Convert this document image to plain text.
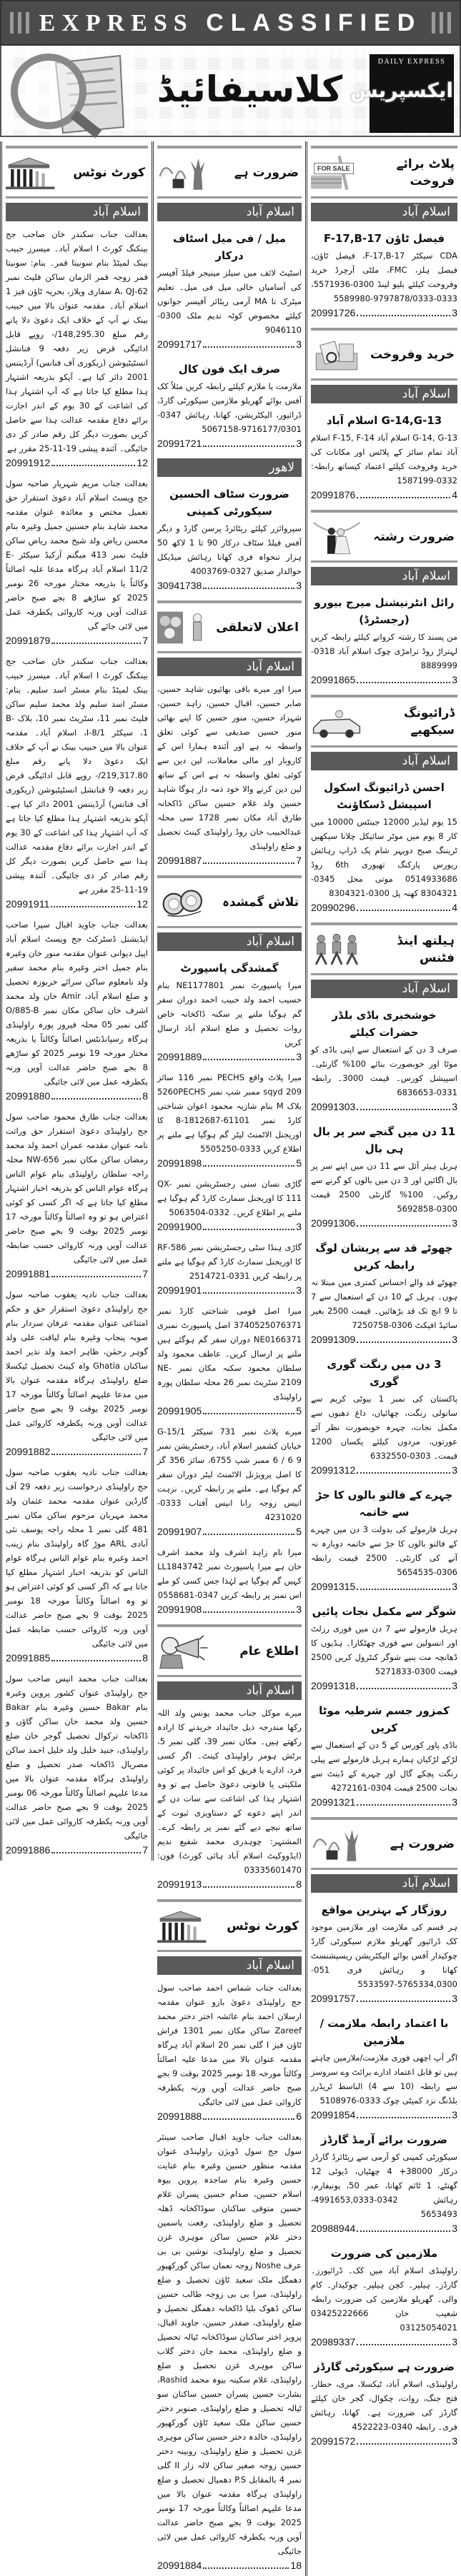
EXPRESS CLASSIFIED
کلاسیفائیڈ
DAILY EXPRESS
ایکسپریس
پلاٹ برائے فروخت
FOR SALE
اسلام آباد
فیصل ٹاؤن F-17,B-17
CDA سیکٹر F-17,B-17، فیصل ٹاؤن، فیصل ہلز، FMC، ملٹی آرچرڈ خرید وفروخت کیلئے بلیو لینڈ 0300-5571936، 0333-9797878/0333-5589980
20991726	3
خرید وفروخت
اسلام آباد
G-14,G-13 اسلام آباد
G-14, G-13 اسلام آباد F-15, F-14 اسلام آباد تمام سائز کے پلاٹس اور مکانات کی خرید وفروخت کیلئے اعتماد کیساتھ رابطہ: 0332-1587199
20991876	4
ضرورت رشتہ
اسلام آباد
رائل انٹرنیشنل میرج بیورو (رجسٹرڈ)
من پسند کا رشتہ کروانے کیلئے رابطہ کریں لہتراڑ روڈ ترامڑی چوک اسلام آباد 0318-8889999
20991865	3
ڈرائیونگ سیکھیے
اسلام آباد
احسن ڈرائیونگ اسکول اسپیشل ڈسکاؤنٹ
15 یوم لیڈیز 12000 جینٹس 10000 میں کار 8 یوم میں موٹر سائیکل چلانا سیکھیں ٹریننگ صبح دوپہر شام پک ڈراپ رہائش ریورس پارکنگ تھیوری 6th روڈ 0514933686 موتی محل 0345-8304321 کھنہ پل 0300-8304321
20990296	4
ہیلتھ اینڈ فٹنس
اسلام آباد
خوشخبری باڈی بلڈر حضرات کیلئے
صرف 3 دن کے استعمال سے اپنی باڈی کو موٹا اور خوبصورت بنائے 100% گارنٹی۔ اسپیشل کورس۔ قیمت 3000۔ رابطہ 0331-6836653
20991303	3
11 دن میں گنجے سر پر بال ہی بال
ہربل ہیئر آئل سے 11 دن میں اپنے سر پر بال اگائیں اور 3 دن میں بالوں کو گرنے سے روکیں۔ 100% گارنٹی 2500 قیمت 0300-5692858
20991306	3
چھوٹے قد سے پریشان لوگ رابطہ کریں
چھوٹے قد والے احساس کمتری میں مبتلا نہ ہوں۔ ہربل کے 10 دن کے استعمال سے 7 تا 9 انچ تک قد بڑھائیں۔ قیمت 2500 بغیر سائیڈ افیکٹ 0306-7250758
20991309	3
3 دن میں رنگت گوری گوری
پاکستان کی نمبر 1 بیوٹی کریم سے سانولی رنگت، چھائیاں، داغ دھبوں سے مکمل نجات، چہرہ خوبصورت نظر آئے عورتوں، مردوں کیلئے یکساں 1200 قیمت۔ 0303-6332550
20991312	3
چہرے کے فالتو بالوں کا جڑ سے خاتمہ
ہربل فارمولے کی بدولت 3 دن میں چہرے کے فالتو بالوں کا جڑ سے خاتمہ دوبارہ نہ آنے کی گارنٹی۔ 2500 قیمت رابطہ 0306-5654535
20991315	3
شوگر سے مکمل نجات پائیں
ہربل فارمولے سے 7 دن میں فوری رزلٹ اور انسولین سے فوری چھٹکارا۔ ہڈیوں کا ڈھانچہ مت بنیے شوگر کنٹرول کریں 2500 قیمت 0300-5271833
20991318	3
کمزور جسم شرطیہ موٹا کریں
باڈی پاور کورس کے 5 دن کے استعمال سے لڑکے لڑکیاں ہمارے ہربل فارمولے سے پیلی رنگت پچکے گال اور چہرے کے ڈینٹ سے نجات 2500 قیمت 0304-4272161
20991321	3
ضرورت ہے
اسلام آباد
روزگار کے بہترین مواقع
ہر قسم کی ملازمت اور ملازمین موجود کک ڈرائیور گھریلو ملازم سیکورٹی گارڈ چوکیدار آفس بوائے الیکٹریشن ریسپشنسٹ کھانا و رہائش فری 051-5765334,0300-5533597
20991757	3
با اعتماد رابطہ ملازمت / ملازمین
اگر آپ اچھی فوری ملازمت/ملازمین چاہتے ہیں تو قابل اعتماد ادارے برائٹ وے سروسز سے رابطہ (10 سے 4) الباسط ٹریڈرز بلڈنگ نزد کمیٹی چوک 0333-5108976
20991854	3
ضرورت برائے آرمڈ گارڈز
سیکورٹی کمپنی کو آرمی سے ریٹائرڈ گارڈز درکار 38000+ 4 چھٹیاں، ڈیوٹی 12 گھنٹے، 1 ٹائم کھانا، عمر 50، یونیفارم، رہائش 0342-4991653,0333-5653493
20988944	3
ملازمین کی ضرورت
راولپنڈی اسلام آباد میں کک۔ ڈرائیورز۔ گارڈز۔ ہیلپر۔ کچن ہیلپر۔ چوکیدار۔ کام والی۔ گھریلو ملازمین کی ضرورت رابطہ شعیب خان 03425222666 03125054021
20989337	3
ضرورت ہے سیکورٹی گارڈز
راولپنڈی، اسلام آباد، ٹیکسلا، مری، حطار، فتح جنگ، روات، چکوال، گجر خان کیلئے گارڈز کی ضرورت ہے۔ کھانا، رہائش فری۔ رابطہ 0340-4522223
20991572	3
ضرورت ہے
اسلام آباد
میل / فی میل اسٹاف درکار
اسٹیٹ لائف میں سیلز مینیجر فیلڈ آفیسر کی آسامیاں خالی میل فی میل۔ تعلیم میٹرک تا MA آرمی ریٹائر آفیسر جوانوں کیلئے مخصوص کوٹہ ندیم ملک 0300-9046110
20991717	3
صرف ایک فون کال
ملازمت یا ملازم کیلئے رابطہ کریں مثلاً کک آفس بوائے گھریلو ملازمین سیکورٹی گارڈ، ڈرائیور، الیکٹریشن، کھانا، رہائش 0347-9716177/0301-5067158
20991721	3
لاھور
ضرورت سٹاف الحسین سیکورٹی کمپنی
سپروائزر کیلئے ریٹائرڈ پرسن گارڈ و دیگر آفس فیلڈ سٹاف درکار 90 تا 1 لاکھ 50 ہزار تنخواہ فری کھانا رہائش میڈیکل حوالدار صدیق 0327-4003769
30941738	3
اعلان لاتعلقی
اسلام آباد
میرا اور میرے باقی بھائیوں شاہد حسین، صابر حسین، اقبال حسین، زاہد حسین، شہزاد حسین، منور حسین کا اپنے بھائی منور حسین صدیقی سے کوئی تعلق واسطہ نہ ہے اور آئندہ ہمارا اس کے کاروبار اور مالی معاملات، لین دین سے کوئی تعلق واسطہ نہ ہے اس کے ساتھ لین دین کرنے والا خود ذمہ دار ہوگا شاہد حسین ولد غلام حسین ساکن ڈاکخانہ طارق آباد مکان نمبر 1728 سی محلہ عبدالحبیب خان روڈ راولپنڈی کینٹ تحصیل و ضلع راولپنڈی
20991887	7
تلاش گمشدہ
اسلام آباد
گمشدگی پاسپورٹ
میرا پاسپورٹ نمبر NE1177801 بنام حسیب احمد ولد حبیب احمد دوران سفر گم ہوگیا ملنے پر سکنہ ڈاکخانہ خاص روات تحصیل و ضلع اسلام آباد ارسال کریں
20991889	3
میرا پلاٹ واقع PECHS نمبر 116 سائز 209 sqyd ممبر شپ نمبر 5260PECHS بلاک M بنام شازیہ محمود اعوان شناختی کارڈ نمبر 61101-1812687-8 کا اوریجنل الاٹمنٹ لیٹر گم ہوگیا ہے ملنے پر اطلاع کریں 0333-5505250
20991898	5
گاڑی نسان سنی رجسٹریشن نمبر QX-111 کا اوریجنل سمارٹ کارڈ گم ہوگیا ہے ملنے پر اطلاع کریں۔ 0332-5063504
20991900	3
گاڑی ہنڈا سٹی رجسٹریشن نمبر RF-586 کا اوریجنل سمارٹ کارڈ گم ہوگیا ہے ملنے پر رابطہ کریں 0331-2514721
20991901	3
میرا اصل قومی شناختی کارڈ نمبر 3740525076371 اصل پاسپورٹ نمبری NE0166371 دوران سفر گم ہوگئے ہیں ملنے پر ارسال کریں۔ عاطف محمود ولد سلطان محمود سکنہ مکان نمبر NE-2109 سٹریٹ نمبر 26 محلہ سلطان پورہ راولپنڈی
20991905	5
میرے پلاٹ نمبر 731 سیکٹر G-15/1 خیابان کشمیر اسلام آباد، رجسٹریشن نمبر 9 6 / 6 ممبر شپ 6755، سائز 356 گز کا اصل پرویژنل الاٹمنٹ لیٹر دوران سفر گم ہوگیا ہے۔ ملنے پر رابطہ کریں۔ نزہت انیس زوجہ رانا انیس آفتاب 0333-4231020
20991907	5
میرا نام زاہد اشرف ولد محمد اشرف خان ہے میرا پاسپورٹ نمبر LL1843742 کہیں گم ہوگیا ہے لہٰذا جس کسی کو ملے اس نمبر پر رابطہ کریں 0347-0558681
20991908	3
اطلاع عام
اسلام آباد
میرے موکل جناب محمد یونس ولد اللہ رکھا مندرجہ ذیل جائیداد خریدنے کا ارادہ رکھتے ہیں۔ مکان نمبر 39، گلی نمبر 5، برٹش ہومز راولپنڈی کینٹ۔ اگر کسی فرد، ادارے یا فریق کو اس جائیداد پر کوئی ملکیتی یا قانونی دعویٰ حاصل ہے تو وہ اشتہار ہذا کی اشاعت سے سات دن کے اندر اپنے دعوے کے دستاویزی ثبوت کے ساتھ نیچے دیے گئے نمبر پر رابطہ کرے۔ المشتہر: چوہدری محمد شفیع ندیم (ایڈووکیٹ اسلام آباد ہائی کورٹ) فون: 03335601470
20991913	8
کورٹ نوٹس
اسلام آباد
بعدالت جناب شماس احمد صاحب سول جج راولپنڈی دعویٰ بازو عنوان مقدمہ ارسلان احمد بنام عائشہ اختر دختر محمد Zareef ساکن مکان نمبر 1301 فراش ٹاؤن فیز I گلی نمبر 20 اسلام آباد ہرگاہ مقدمہ عنوان بالا میں مدعا علیہ اصالتاً وکالتاً مورخہ 18 نومبر 2025 بوقت 9 بجے صبح حاضر عدالت آویں ورنہ یکطرفہ کاروائی عمل میں لائی جائیگی
20991888	6
بعدالت جناب جاوید اقبال صاحب سینئر سول جج سول ڈویژن راولپنڈی عنوان مقدمہ منظور حسین وغیرہ بنام عنایت حسین وغیرہ بنام ساجدہ پروین بیوہ اسلام حسین، صدام حسین پسران غلام حسین متوفی ساکنان سوڈاکخانہ ڈھلہ تحصیل و ضلع راولپنڈی، رفعت یاسمین دختر غلام حسین ساکن موہری غزن تحصیل و ضلع راولپنڈی، نوشین بی بی عرف Noshe زوجہ نعمان ساکن گورکھپور دھمگل ملک سعید ٹاؤن تحصیل و ضلع راولپنڈی، میرا بی بی زوجہ طالب حسین ساکن ڈھوک بلیا ڈاکخانہ دھمگل تحصیل و ضلع راولپنڈی، صفدر حسین، جاوید اقبال، پرویز اختر ساکنان سوڈاکخانہ ٹیالہ تحصیل و ضلع راولپنڈی، محمد جان دختر گلاب ساکن موہری غزن تحصیل و ضلع راولپنڈی، غلام سکینہ بیوہ محمد Rashid، بشارت حسین پسران حسین ساکنان سو ٹیالہ تحصیل و ضلع راولپنڈی، صنوبر دختر حسین ساکن ملک سعید ٹاؤن گورکھپور راولپنڈی، خالدہ دختر حسین ساکن موہری غزن تحصیل و ضلع راولپنڈی، روبینہ دختر حسین زوجہ صغیر ساکن لالہ زار II گلی نمبر 4 بالمقابل P.S دھمیال تحصیل و ضلع راولپنڈی ہرگاہ مقدمہ عنوان بالا میں مدعا علیہم اصالتاً وکالتاً مورخہ 17 نومبر 2025 بوقت 9 بجے صبح حاضر عدالت آویں ورنہ یکطرفہ کاروائی عمل میں لائی جائیگی
20991884	18
کورٹ نوٹس
اسلام آباد
بعدالت جناب سکندر خان صاحب جج بینکنگ کورٹ I اسلام آباد۔ میسرز حبیب بینک لمیٹڈ بنام سونیتا قمر۔ بنام: سونیتا قمر زوجہ قمر الزمان ساکن فلیٹ نمبر 62-A، QJ سفاری ویلاز، بحریہ ٹاؤن فیز 1 اسلام آباد۔ مقدمہ عنوان بالا میں حبیب بینک نے آپ کے خلاف ایک دعویٰ دلا پانے رقم مبلغ 148,295.30/- روپے قابل ادائیگی قرض زیر دفعہ 9 فنانشل انسٹیٹیوشن (ریکوری آف فنانس) آرڈیننس 2001 دائر کیا ہے۔ آپکو بذریعہ اشتہار ہذا مطلع کیا جاتا ہے کہ آپ اشتہار ہذا کی اشاعت کے 30 یوم کے اندر اجازت برائے دفاع مقدمہ عدالت ہذا سے حاصل کریں بصورت دیگر کل رقم صادر کر دی جائیگی۔ آئندہ پیشی 19-11-25 مقرر ہے
20991912	12
بعدالت جناب مریم شہریار صاحبہ سول جج ویسٹ اسلام آباد دعویٰ استقرار حق تعمیل مختص و معائدہ عنوان مقدمہ محمد شاہد بنام حسنین جمیل وغیرہ بنام محسن ریاض ولد شیخ محمد ریاض ساکن فلیٹ نمبر 413 میگنم آرکیڈ سیکٹر E-11/2 اسلام آباد ہرگاہ مدعا علیہ اصالتاً وکالتاً یا بذریعہ مختار مورخہ 26 نومبر 2025 کو ساڑھے 8 بجے صبح حاضر عدالت آویں ورنہ کاروائی یکطرفہ عمل میں لائی جائے گی
20991879	7
بعدالت جناب سکندر خان صاحب جج بینکنگ کورٹ I اسلام آباد۔ میسرز حبیب بینک لمیٹڈ بنام مسٹر اسد سلیم۔ بنام: مسٹر اسد سلیم ولد محمد سلیم ساکن فلیٹ نمبر 11، سٹریٹ نمبر 10، بلاک B-1، سیکٹر I-8/1، اسلام آباد۔ مقدمہ عنوان بالا میں حبیب بینک نے آپ کے خلاف ایک دعویٰ دلا پانے رقم مبلغ 219,317.80/- روپے قابل ادائیگی قرض زیر دفعہ 9 فنانشل انسٹیٹیوشن (ریکوری آف فنانس) آرڈیننس 2001 دائر کیا ہے۔ آپکو بذریعہ اشتہار ہذا مطلع کیا جاتا ہے کہ آپ اشتہار ہذا کی اشاعت کے 30 یوم کے اندر اجازت برائے دفاع مقدمہ عدالت ہذا سے حاصل کریں بصورت دیگر کل رقم صادر کر دی جائیگی۔ آئندہ پیشی 19-11-25 مقرر ہے
20991911	12
بعدالت جناب جاوید اقبال سپرا صاحب ایڈیشنل ڈسٹرکٹ جج ویسٹ اسلام آباد اپیل دیوانی عنوان مقدمہ منور خان وغیرہ بنام جمیل اختر وغیرہ بنام محمد سفیر ولد نامعلوم ساکن سرائے خربوزہ تحصیل و ضلع اسلام آباد، Amir خان ولد محمد اشرف خان ساکن مکان نمبر O/885-B گلی نمبر 05 محلہ فیروز پورہ راولپنڈی ہرگاہ رسپانڈنٹس اصالتاً وکالتاً یا بذریعہ مختار مورخہ 19 نومبر 2025 کو ساڑھے 8 بجے صبح حاضر عدالت آویں ورنہ یکطرفہ عمل میں لائی جائیگی
20991880	8
بعدالت جناب طارق محمود صاحب سول جج راولپنڈی دعویٰ استقرار حق وراثت نامہ عنوان مقدمہ عمران احمد ولد محمد رمضان ساکن مکان نمبر NW-656 محلہ راجہ سلطان راولپنڈی بنام عوام الناس ہرگاہ عوام الناس کو بذریعہ اخبار اشتہار مطلع کیا جاتا ہے کہ اگر کسی کو کوئی اعتراض ہو تو وہ اصالتاً وکالتاً مورخہ 17 نومبر 2025 بوقت 9 بجے صبح حاضر عدالت آویں ورنہ کاروائی حسب ضابطہ عمل میں لائی جائیگی
20991881	7
بعدالت جناب نادیہ یعقوب صاحبہ سول جج راولپنڈی دعویٰ استقرار حق و حکم امتناعی عنوان مقدمہ عرفان سردار بنام صوبہ پنجاب وغیرہ بنام لیاقت علی ولد گوہر رحمٰن، ظاہر احمد ولد نذیر احمد ساکنان Ghatia واہ کینٹ تحصیل ٹیکسلا ضلع راولپنڈی ہرگاہ مقدمہ عنوان بالا میں مدعا علیہم اصالتاً وکالتاً مورخہ 17 نومبر 2025 بوقت 9 بجے صبح حاضر عدالت آویں ورنہ یکطرفہ کاروائی عمل میں لائی جائیگی
20991882	7
بعدالت جناب نادیہ یعقوب صاحبہ سول جج راولپنڈی درخواست زیر دفعہ 29 آف گارڈین عنوان مقدمہ محمد عثمان ولد محمد مہربان مرحوم ساکن مکان نمبر 481 گلی نمبر 1 محلہ راجہ یوسف نئی آبادی ARL موڑ گاہ راولپنڈی بنام زینب احمد وغیرہ بنام عوام الناس ہرگاہ عوام الناس کو بذریعہ اخبار اشتہار مطلع کیا جاتا ہے کہ اگر کسی کو کوئی اعتراض ہو تو وہ اصالتاً وکالتاً مورخہ 18 نومبر 2025 بوقت 9 بجے صبح حاضر عدالت آویں ورنہ کاروائی حسب ضابطہ عمل میں لائی جائیگی
20991885	8
بعدالت جناب محمد انیس صاحب سول جج راولپنڈی عنوان کشور پروین وغیرہ بنام Bakar حسین وغیرہ بنام Bakar حسین ولد محمد خان ساکن گاؤں و ڈاکخانہ ترکوال تحصیل گوجر خان ضلع راولپنڈی، جنید خلیل ولد خلیل احمد ساکن مصریال ڈاکخانہ صدر تحصیل و ضلع راولپنڈی ہرگاہ مقدمہ عنوان بالا میں مدعا علیہم اصالتاً وکالتاً مورخہ 06 نومبر 2025 بوقت 9 بجے صبح حاضر عدالت آویں ورنہ یکطرفہ کاروائی عمل میں لائی جائیگی
20991886	7
